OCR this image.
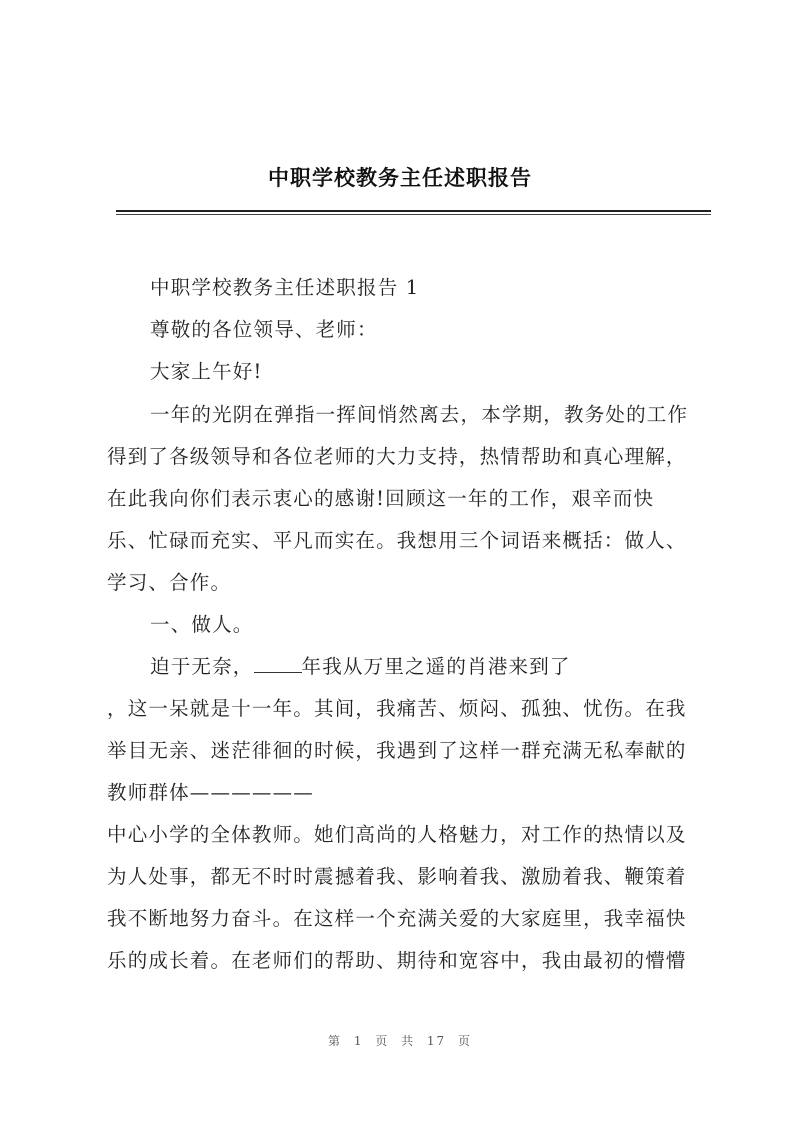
中职学校教务主任述职报告
中职学校教务主任述职报告 1
尊敬的各位领导、老师：
大家上午好!
一年的光阴在弹指一挥间悄然离去，本学期，教务处的工作
得到了各级领导和各位老师的大力支持，热情帮助和真心理解，
在此我向你们表示衷心的感谢!回顾这一年的工作，艰辛而快
乐、忙碌而充实、平凡而实在。我想用三个词语来概括：做人、
学习、合作。
一、做人。
迫于无奈， 年我从万里之遥的肖港来到了
，这一呆就是十一年。其间，我痛苦、烦闷、孤独、忧伤。在我
举目无亲、迷茫徘徊的时候，我遇到了这样一群充满无私奉献的
教师群体——————
中心小学的全体教师。她们高尚的人格魅力，对工作的热情以及
为人处事，都无不时时震撼着我、影响着我、激励着我、鞭策着
我不断地努力奋斗。在这样一个充满关爱的大家庭里，我幸福快
乐的成长着。在老师们的帮助、期待和宽容中，我由最初的懵懵
第 1 页 共 17 页
